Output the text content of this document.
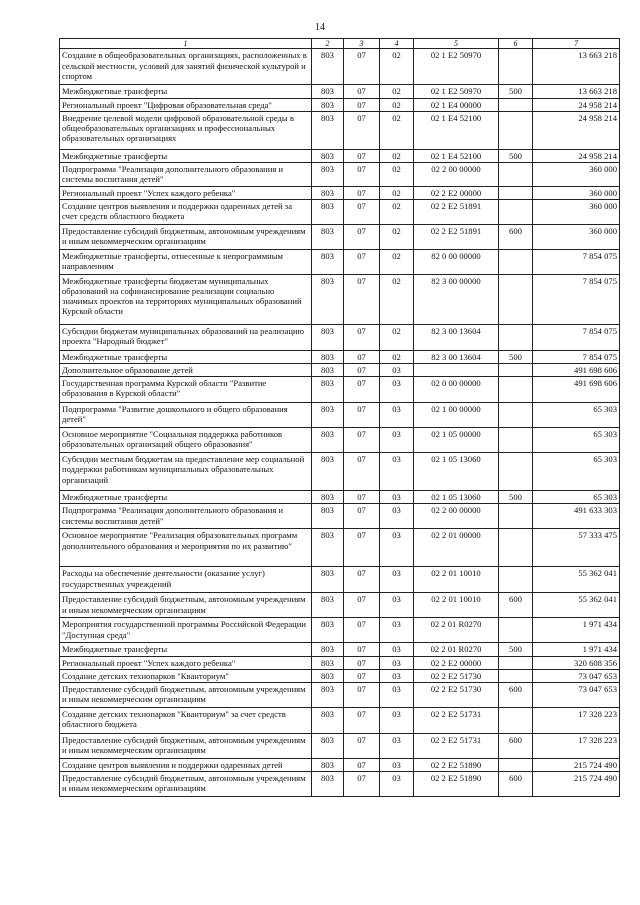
14
1	2	3	4	5	6	7
Создание в общеобразовательных организациях, расположенных в сельской местности, условий для занятий физической культурой и спортом	803	07	02	02 1 E2 50970		13 663 218
Межбюджетные трансферты	803	07	02	02 1 E2 50970	500	13 663 218
Региональный проект "Цифровая образовательная среда"	803	07	02	02 1 E4 00000		24 958 214
Внедрение целевой модели цифровой образовательной среды в общеобразовательных организациях и профессиональных образовательных организациях	803	07	02	02 1 E4 52100		24 958 214
Межбюджетные трансферты	803	07	02	02 1 E4 52100	500	24 958 214
Подпрограмма "Реализация дополнительного образования и системы воспитания детей"	803	07	02	02 2 00 00000		360 000
Региональный проект "Успех каждого ребенка"	803	07	02	02 2 E2 00000		360 000
Создание центров выявления и поддержки одаренных детей за счет средств областного бюджета	803	07	02	02 2 E2 51891		360 000
Предоставление субсидий бюджетным, автономным учреждениям и иным некоммерческим организациям	803	07	02	02 2 E2 51891	600	360 000
Межбюджетные трансферты, отнесенные к непрограммным направлениям	803	07	02	82 0 00 00000		7 854 075
Межбюджетные трансферты бюджетам муниципальных образований на софинансирование реализации социально значимых проектов на территориях муниципальных образований Курской области	803	07	02	82 3 00 00000		7 854 075
Субсидии бюджетам муниципальных образований на реализацию проекта "Народный бюджет"	803	07	02	82 3 00 13604		7 854 075
Межбюджетные трансферты	803	07	02	82 3 00 13604	500	7 854 075
Дополнительное образование детей	803	07	03			491 698 606
Государственная программа Курской области "Развитие образования в Курской области"	803	07	03	02 0 00 00000		491 698 606
Подпрограмма "Развитие дошкольного и общего образования детей"	803	07	03	02 1 00 00000		65 303
Основное мероприятие "Социальная поддержка работников образовательных организаций общего образования"	803	07	03	02 1 05 00000		65 303
Субсидии местным бюджетам на предоставление мер социальной поддержки работникам муниципальных образовательных организаций	803	07	03	02 1 05 13060		65 303
Межбюджетные трансферты	803	07	03	02 1 05 13060	500	65 303
Подпрограмма "Реализация дополнительного образования и системы воспитания детей"	803	07	03	02 2 00 00000		491 633 303
Основное мероприятие "Реализация образовательных программ дополнительного образования и мероприятия по их развитию"	803	07	03	02 2 01 00000		57 333 475
Расходы на обеспечение деятельности (оказание услуг) государственных учреждений	803	07	03	02 2 01 10010		55 362 041
Предоставление субсидий бюджетным, автономным учреждениям и иным некоммерческим организациям	803	07	03	02 2 01 10010	600	55 362 041
Мероприятия государственной программы Российской Федерации "Доступная среда"	803	07	03	02 2 01 R0270		1 971 434
Межбюджетные трансферты	803	07	03	02 2 01 R0270	500	1 971 434
Региональный проект "Успех каждого ребенка"	803	07	03	02 2 E2 00000		320 608 356
Создание детских технопарков "Кванториум"	803	07	03	02 2 E2 51730		73 047 653
Предоставление субсидий бюджетным, автономным учреждениям и иным некоммерческим организациям	803	07	03	02 2 E2 51730	600	73 047 653
Создание детских технопарков "Кванториум" за счет средств областного бюджета	803	07	03	02 2 E2 51731		17 328 223
Предоставление субсидий бюджетным, автономным учреждениям и иным некоммерческим организациям	803	07	03	02 2 E2 51731	600	17 328 223
Создание центров выявления и поддержки одаренных детей	803	07	03	02 2 E2 51890		215 724 490
Предоставление субсидий бюджетным, автономным учреждениям и иным некоммерческим организациям	803	07	03	02 2 E2 51890	600	215 724 490
